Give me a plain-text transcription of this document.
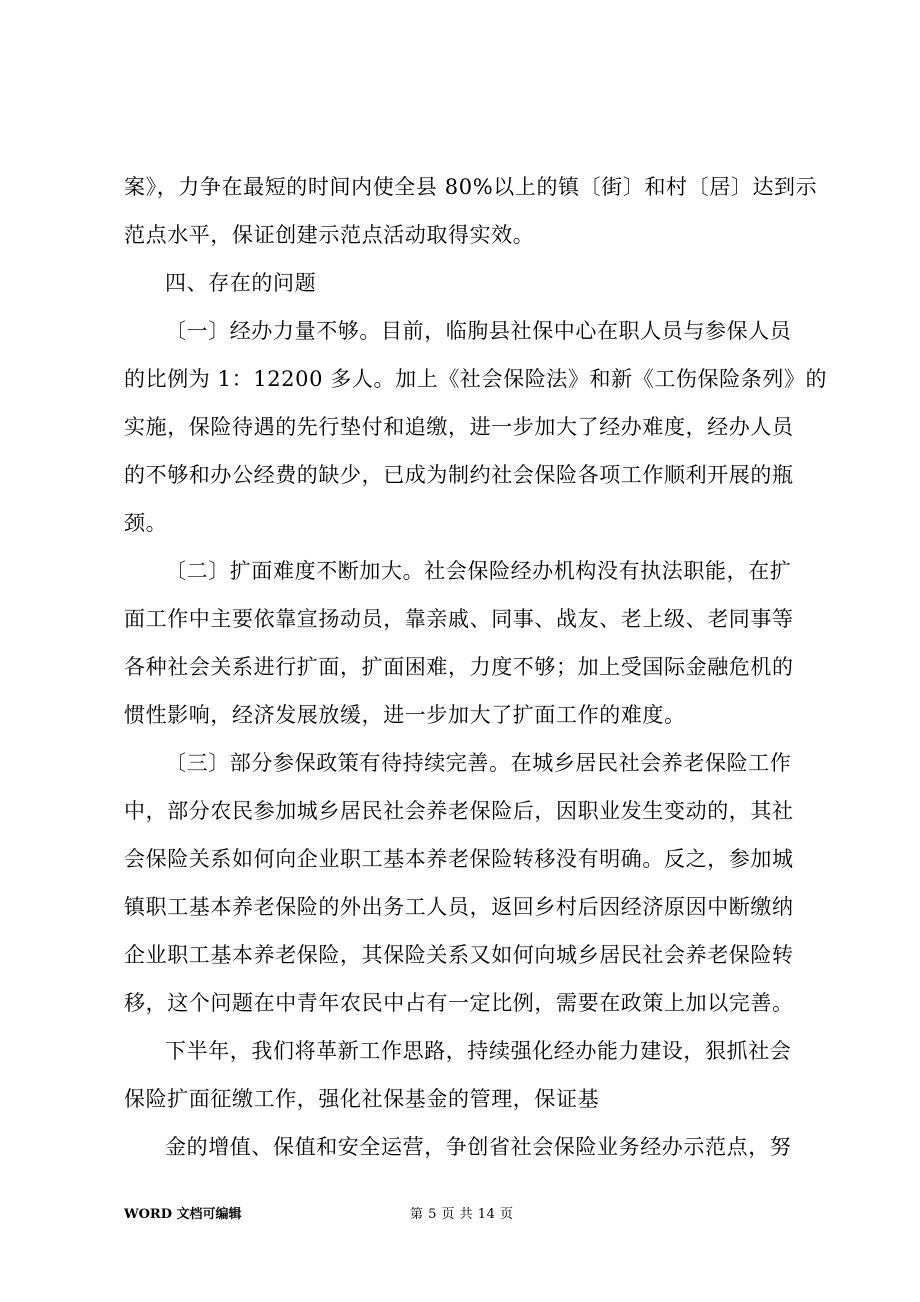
案》，力争在最短的时间内使全县 80%以上的镇〔街〕和村〔居〕达到示
范点水平，保证创建示范点活动取得实效。
四、存在的问题
〔一〕经办力量不够。目前，临朐县社保中心在职人员与参保人员
的比例为 1：12200 多人。加上《社会保险法》和新《工伤保险条列》的
实施，保险待遇的先行垫付和追缴，进一步加大了经办难度，经办人员
的不够和办公经费的缺少，已成为制约社会保险各项工作顺利开展的瓶
颈。
〔二〕扩面难度不断加大。社会保险经办机构没有执法职能，在扩
面工作中主要依靠宣扬动员，靠亲戚、同事、战友、老上级、老同事等
各种社会关系进行扩面，扩面困难，力度不够；加上受国际金融危机的
惯性影响，经济发展放缓，进一步加大了扩面工作的难度。
〔三〕部分参保政策有待持续完善。在城乡居民社会养老保险工作
中，部分农民参加城乡居民社会养老保险后，因职业发生变动的，其社
会保险关系如何向企业职工基本养老保险转移没有明确。反之，参加城
镇职工基本养老保险的外出务工人员，返回乡村后因经济原因中断缴纳
企业职工基本养老保险，其保险关系又如何向城乡居民社会养老保险转
移，这个问题在中青年农民中占有一定比例，需要在政策上加以完善。
下半年，我们将革新工作思路，持续强化经办能力建设，狠抓社会
保险扩面征缴工作，强化社保基金的管理，保证基
金的增值、保值和安全运营，争创省社会保险业务经办示范点，努
WORD 文档可编辑	第 5 页 共 14 页
